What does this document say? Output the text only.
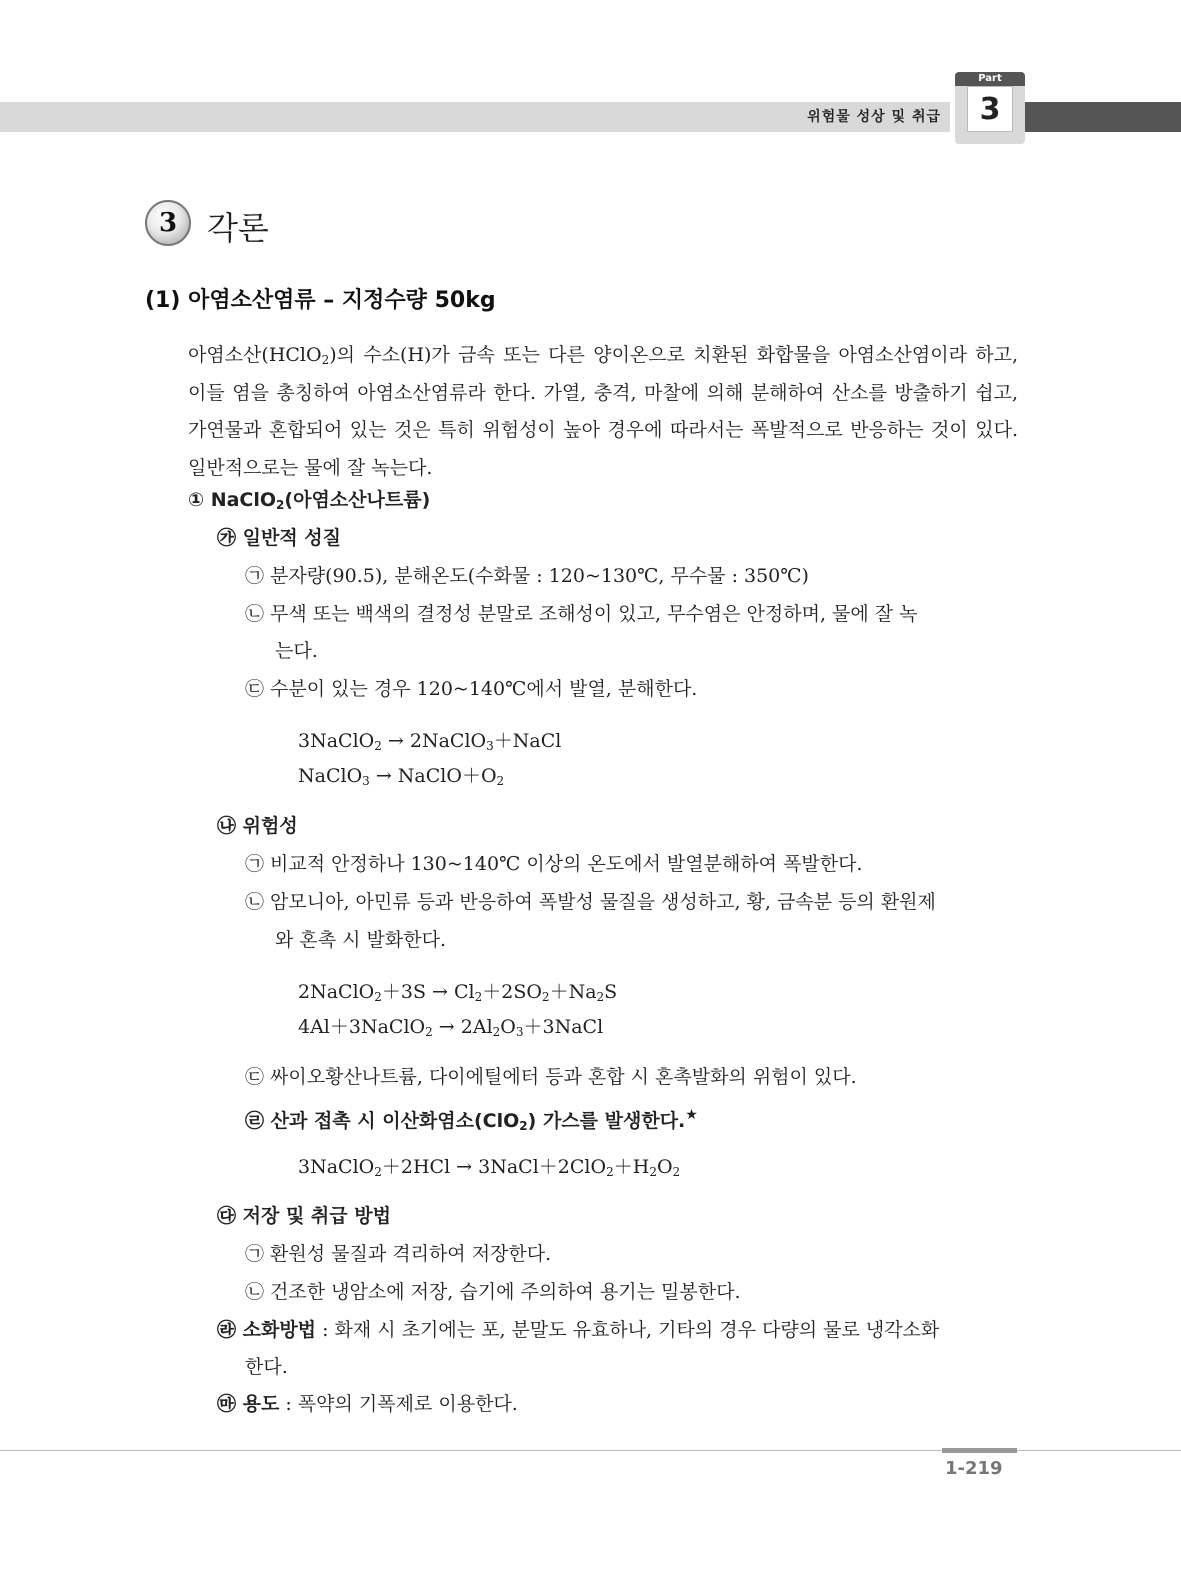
위험물 성상 및 취급
Part
3
3 각론
(1) 아염소산염류 – 지정수량 50kg
아염소산(HClO$_2$)의 수소(H)가 금속 또는 다른 양이온으로 치환된 화합물을 아염소산염이라 하고, 이들 염을 총칭하여 아염소산염류라 한다. 가열, 충격, 마찰에 의해 분해하여 산소를 방출하기 쉽고, 가연물과 혼합되어 있는 것은 특히 위험성이 높아 경우에 따라서는 폭발적으로 반응하는 것이 있다. 일반적으로는 물에 잘 녹는다.
① NaClO$_2$(아염소산나트륨)
㉮ 일반적 성질
㉠ 분자량(90.5), 분해온도(수화물 : 120~130℃, 무수물 : 350℃)
㉡ 무색 또는 백색의 결정성 분말로 조해성이 있고, 무수염은 안정하며, 물에 잘 녹
는다.
㉢ 수분이 있는 경우 120~140℃에서 발열, 분해한다.
3NaClO$_2$ → 2NaClO$_3$＋NaCl
NaClO$_3$ → $NaClO+O_2$
㉯ 위험성
㉠ 비교적 안정하나 130~140℃ 이상의 온도에서 발열분해하여 폭발한다.
㉡ 암모니아, 아민류 등과 반응하여 폭발성 물질을 생성하고, 황, 금속분 등의 환원제
와 혼촉 시 발화한다.
2NaClO$_2$＋3S → $Cl_2+2SO_2+Na_2S$
4Al＋3NaClO$_2$ → $2Al_2O_3+3NaCl$
㉢ 싸이오황산나트륨, 다이에틸에터 등과 혼합 시 혼촉발화의 위험이 있다.
㉣ 산과 접촉 시 이산화염소(ClO$_2$) 가스를 발생한다.★
3NaClO$_2$＋2HCl → $3NaCl+2ClO_2+H_2O_2$
㉰ 저장 및 취급 방법
㉠ 환원성 물질과 격리하여 저장한다.
㉡ 건조한 냉암소에 저장, 습기에 주의하여 용기는 밀봉한다.
㉱ 소화방법 : 화재 시 초기에는 포, 분말도 유효하나, 기타의 경우 다량의 물로 냉각소화
한다.
㉲ 용도 : 폭약의 기폭제로 이용한다.
1-219
